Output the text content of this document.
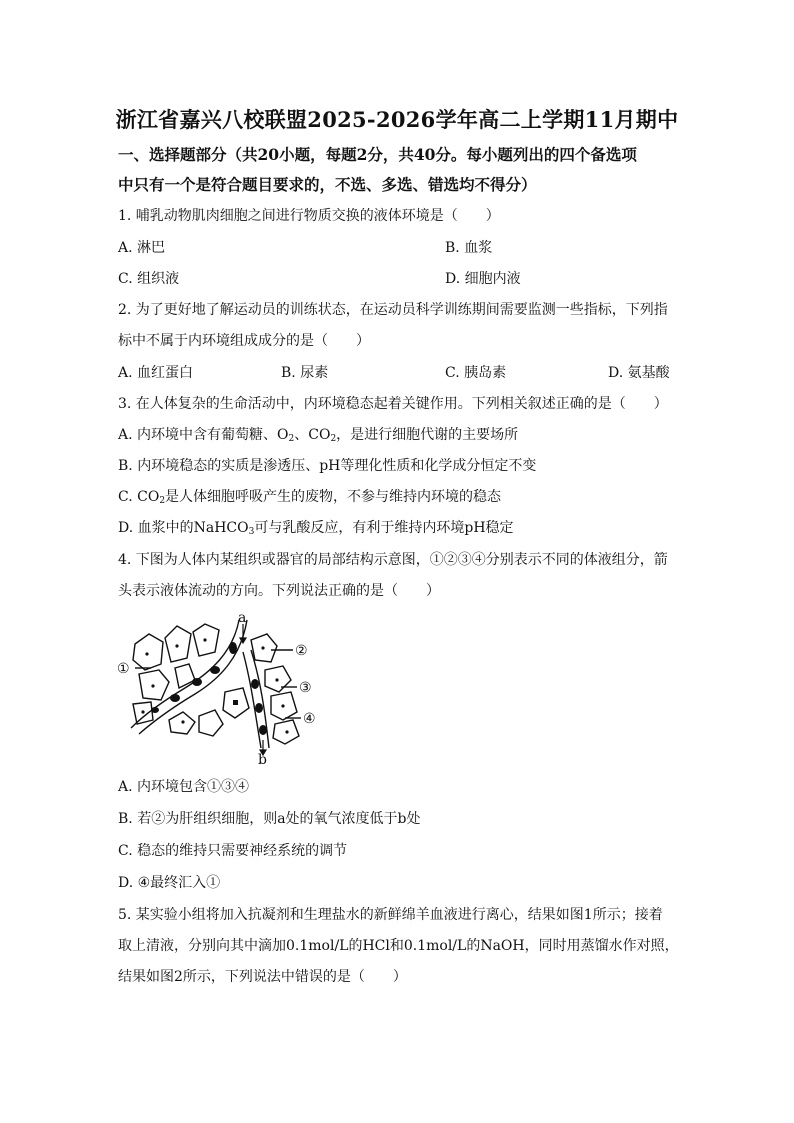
浙江省嘉兴八校联盟2025-2026学年高二上学期11月期中
一、选择题部分（共20小题，每题2分，共40分。每小题列出的四个备选项
中只有一个是符合题目要求的，不选、多选、错选均不得分）
1. 哺乳动物肌肉细胞之间进行物质交换的液体环境是（　　）
A. 淋巴	B. 血浆
C. 组织液	D. 细胞内液
2. 为了更好地了解运动员的训练状态，在运动员科学训练期间需要监测一些指标，下列指
标中不属于内环境组成成分的是（　　）
A. 血红蛋白	B. 尿素	C. 胰岛素	D. 氨基酸
3. 在人体复杂的生命活动中，内环境稳态起着关键作用。下列相关叙述正确的是（　　）
A. 内环境中含有葡萄糖、$O_2$、$CO_2$，是进行细胞代谢的主要场所
B. 内环境稳态的实质是渗透压、pH等理化性质和化学成分恒定不变
C. $CO_2$是人体细胞呼吸产生的废物，不参与维持内环境的稳态
D. 血浆中的NaHCO$_3$可与乳酸反应，有利于维持内环境pH稳定
4. 下图为人体内某组织或器官的局部结构示意图，①②③④分别表示不同的体液组分，箭
头表示液体流动的方向。下列说法正确的是（　　）
a
b
①
②
③
④
A. 内环境包含①③④
B. 若②为肝组织细胞，则a处的氧气浓度低于b处
C. 稳态的维持只需要神经系统的调节
D. ④最终汇入①
5. 某实验小组将加入抗凝剂和生理盐水的新鲜绵羊血液进行离心，结果如图1所示；接着
取上清液，分别向其中滴加0.1mol/L的HCl和0.1mol/L的NaOH，同时用蒸馏水作对照，
结果如图2所示，下列说法中错误的是（　　）
